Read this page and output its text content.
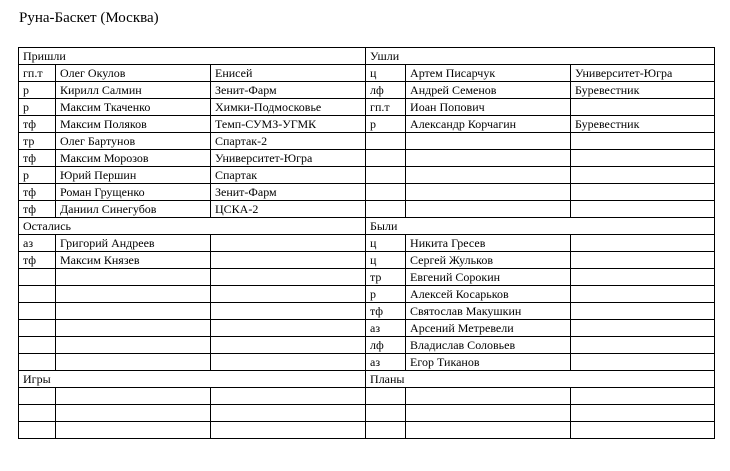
Руна-Баскет (Москва)
Пришли			Ушли		
гп.т	Олег Окулов	Енисей	ц	Артем Писарчук	Университет-Югра
р	Кирилл Салмин	Зенит-Фарм	лф	Андрей Семенов	Буревестник
р	Максим Ткаченко	Химки-Подмосковье	гп.т	Иоан Попович	
тф	Максим Поляков	Темп-СУМЗ-УГМК	р	Александр Корчагин	Буревестник
тр	Олег Бартунов	Спартак-2			
тф	Максим Морозов	Университет-Югра			
р	Юрий Першин	Спартак			
тф	Роман Грущенко	Зенит-Фарм			
тф	Даниил Синегубов	ЦСКА-2			
Остались			Были		
аз	Григорий Андреев		ц	Никита Гресев	
тф	Максим Князев		ц	Сергей Жульков	
			тр	Евгений Сорокин	
			р	Алексей Косарьков	
			тф	Святослав Макушкин	
			аз	Арсений Метревели	
			лф	Владислав Соловьев	
			аз	Егор Тиканов	
Игры			Планы		
